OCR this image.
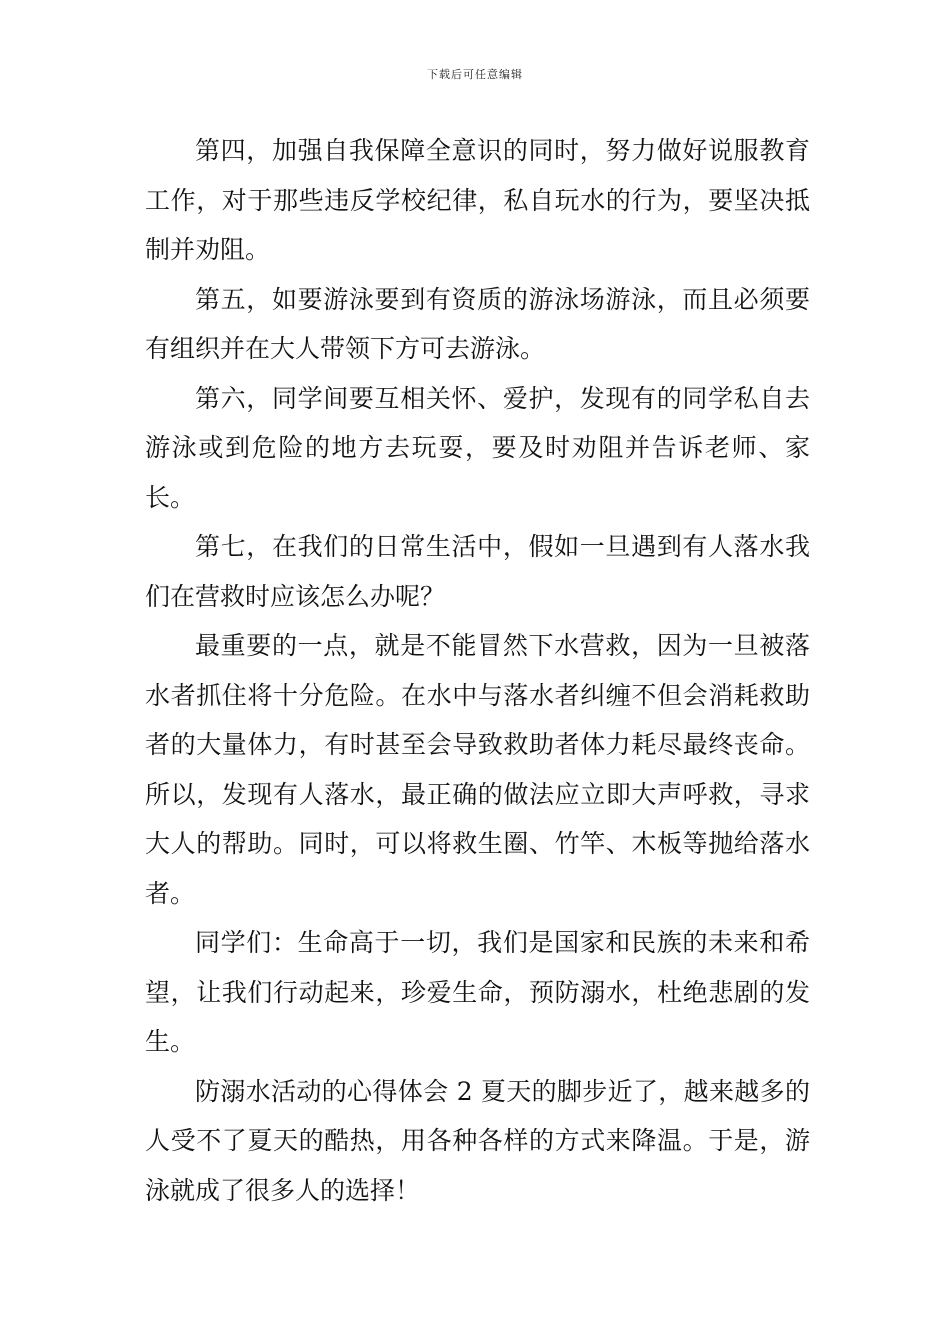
下载后可任意编辑

第四，加强自我保障全意识的同时，努力做好说服教育工作，对于那些违反学校纪律，私自玩水的行为，要坚决抵制并劝阻。

第五，如要游泳要到有资质的游泳场游泳，而且必须要有组织并在大人带领下方可去游泳。

第六，同学间要互相关怀、爱护，发现有的同学私自去游泳或到危险的地方去玩耍，要及时劝阻并告诉老师、家长。

第七，在我们的日常生活中，假如一旦遇到有人落水我们在营救时应该怎么办呢？

最重要的一点，就是不能冒然下水营救，因为一旦被落水者抓住将十分危险。在水中与落水者纠缠不但会消耗救助者的大量体力，有时甚至会导致救助者体力耗尽最终丧命。所以，发现有人落水，最正确的做法应立即大声呼救，寻求大人的帮助。同时，可以将救生圈、竹竿、木板等抛给落水者。

同学们：生命高于一切，我们是国家和民族的未来和希望，让我们行动起来，珍爱生命，预防溺水，杜绝悲剧的发生。

防溺水活动的心得体会 2 夏天的脚步近了，越来越多的人受不了夏天的酷热，用各种各样的方式来降温。于是，游泳就成了很多人的选择！
